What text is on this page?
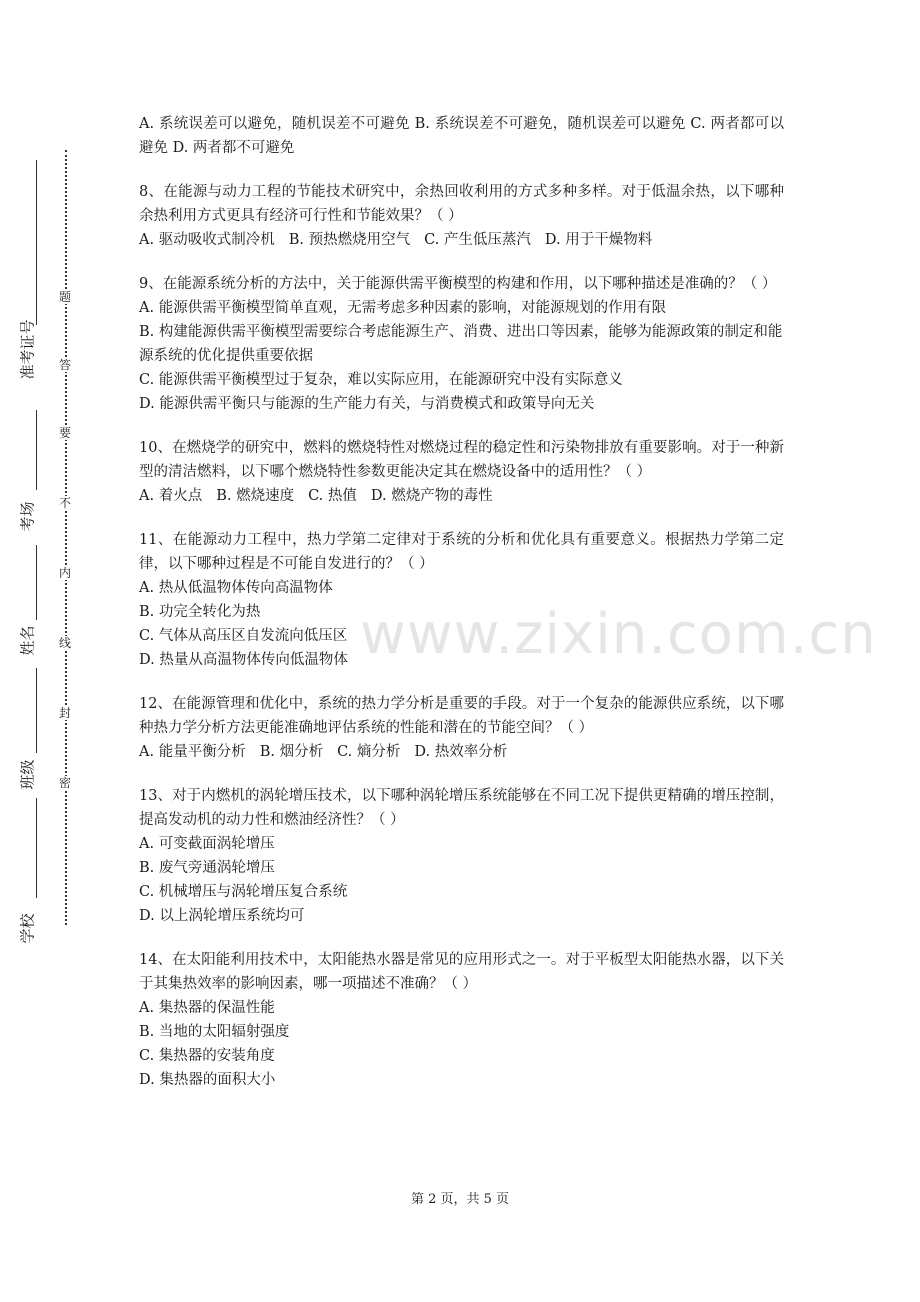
题
答
要
不
内
线
封
密
准考证号
考场
姓名
班级
学校
www.zixin.com.cn

A. 系统误差可以避免，随机误差不可避免 B. 系统误差不可避免，随机误差可以避免 C. 两者都可以避免 D. 两者都不可避免

8、在能源与动力工程的节能技术研究中，余热回收利用的方式多种多样。对于低温余热，以下哪种余热利用方式更具有经济可行性和节能效果？（ ）

A. 驱动吸收式制冷机 B. 预热燃烧用空气 C. 产生低压蒸汽 D. 用于干燥物料

9、在能源系统分析的方法中，关于能源供需平衡模型的构建和作用，以下哪种描述是准确的？（ ）

A. 能源供需平衡模型简单直观，无需考虑多种因素的影响，对能源规划的作用有限

B. 构建能源供需平衡模型需要综合考虑能源生产、消费、进出口等因素，能够为能源政策的制定和能源系统的优化提供重要依据

C. 能源供需平衡模型过于复杂，难以实际应用，在能源研究中没有实际意义

D. 能源供需平衡只与能源的生产能力有关，与消费模式和政策导向无关

10、在燃烧学的研究中，燃料的燃烧特性对燃烧过程的稳定性和污染物排放有重要影响。对于一种新型的清洁燃料，以下哪个燃烧特性参数更能决定其在燃烧设备中的适用性？（ ）

A. 着火点 B. 燃烧速度 C. 热值 D. 燃烧产物的毒性

11、在能源动力工程中，热力学第二定律对于系统的分析和优化具有重要意义。根据热力学第二定律，以下哪种过程是不可能自发进行的？（ ）

A. 热从低温物体传向高温物体

B. 功完全转化为热

C. 气体从高压区自发流向低压区

D. 热量从高温物体传向低温物体

12、在能源管理和优化中，系统的热力学分析是重要的手段。对于一个复杂的能源供应系统，以下哪种热力学分析方法更能准确地评估系统的性能和潜在的节能空间？（ ）

A. 能量平衡分析 B. 烟分析 C. 熵分析 D. 热效率分析

13、对于内燃机的涡轮增压技术，以下哪种涡轮增压系统能够在不同工况下提供更精确的增压控制，提高发动机的动力性和燃油经济性？（ ）

A. 可变截面涡轮增压

B. 废气旁通涡轮增压

C. 机械增压与涡轮增压复合系统

D. 以上涡轮增压系统均可

14、在太阳能利用技术中，太阳能热水器是常见的应用形式之一。对于平板型太阳能热水器，以下关于其集热效率的影响因素，哪一项描述不准确？（ ）

A. 集热器的保温性能

B. 当地的太阳辐射强度

C. 集热器的安装角度

D. 集热器的面积大小

第 2 页，共 5 页
